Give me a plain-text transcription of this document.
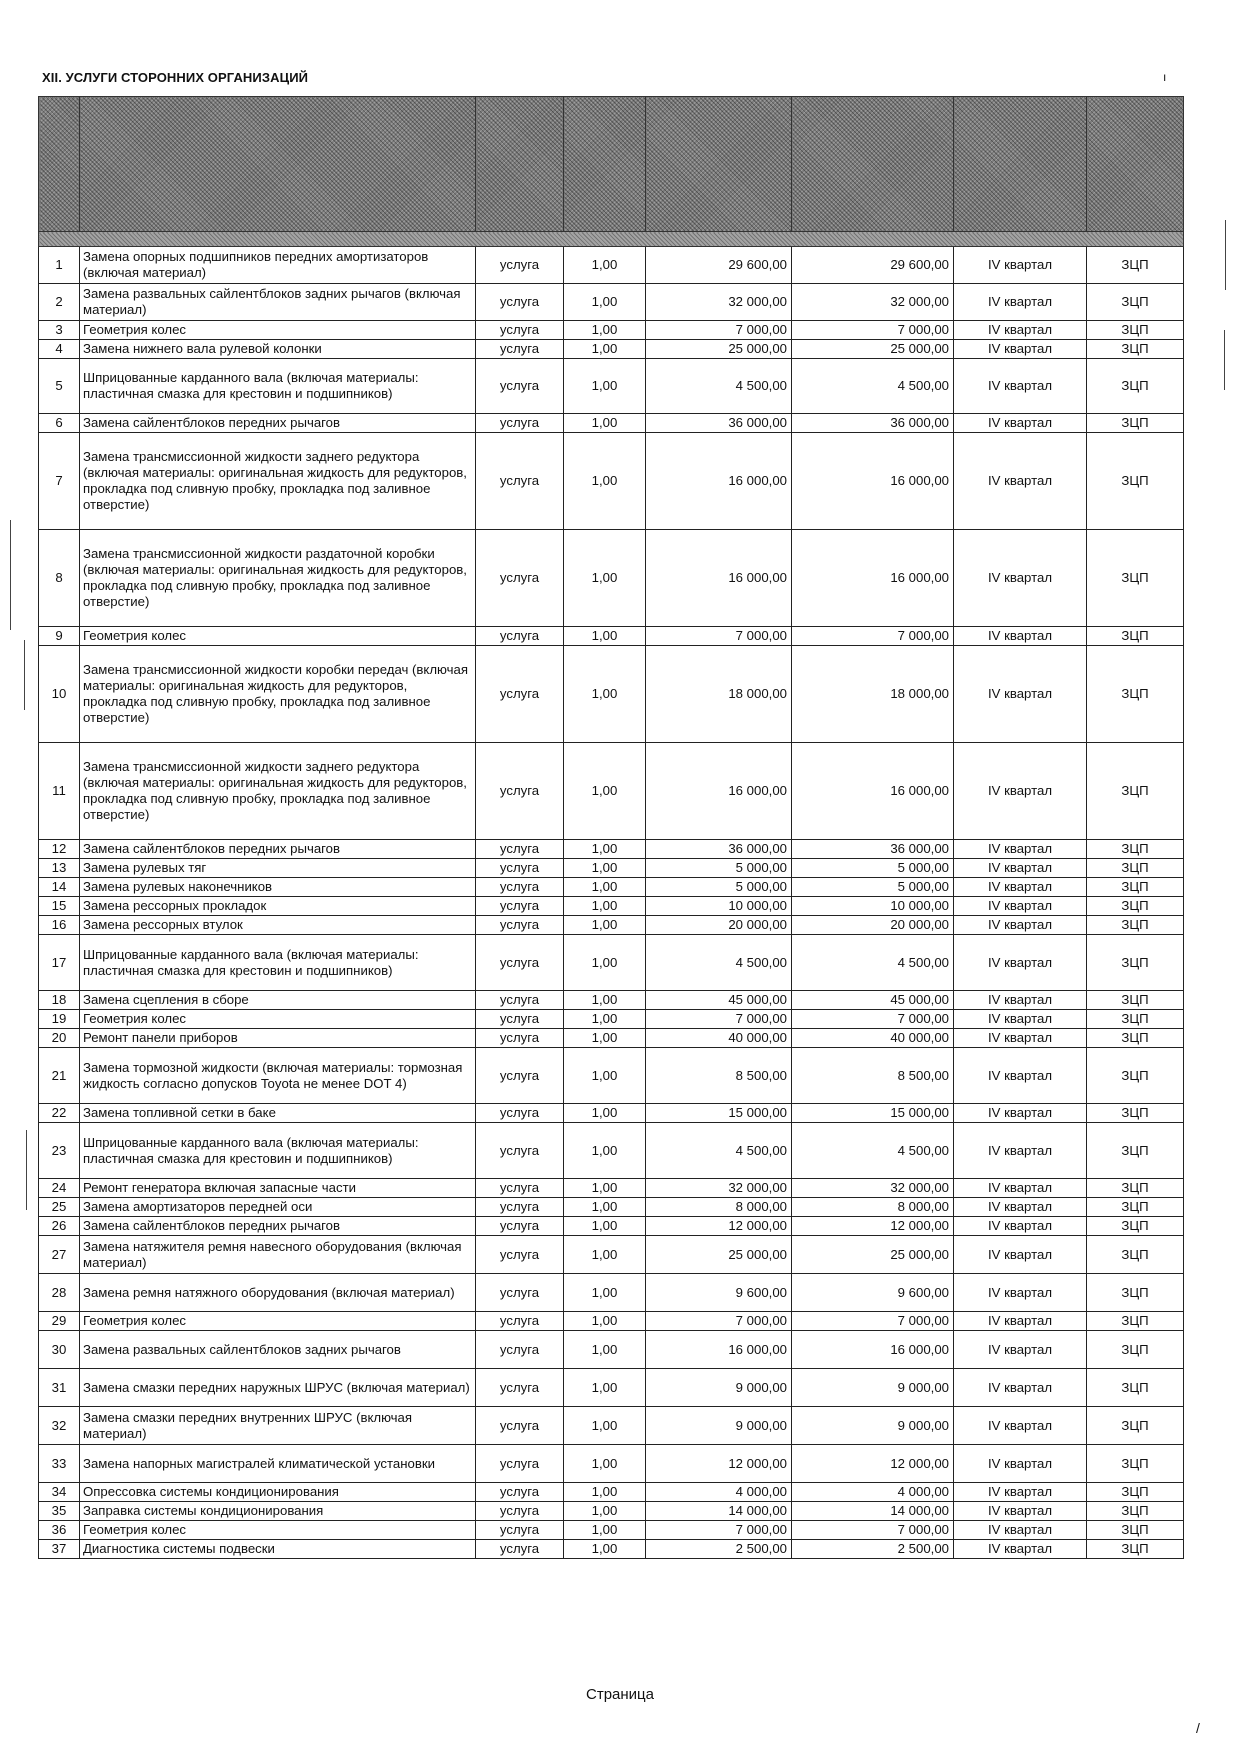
XII. УСЛУГИ СТОРОННИХ ОРГАНИЗАЦИЙ	ı

1	Замена опорных подшипников передних амортизаторов (включая материал)	услуга	1,00	29 600,00	29 600,00	IV квартал	ЗЦП
2	Замена развальных сайлентблоков задних рычагов (включая материал)	услуга	1,00	32 000,00	32 000,00	IV квартал	ЗЦП
3	Геометрия колес	услуга	1,00	7 000,00	7 000,00	IV квартал	ЗЦП
4	Замена нижнего вала рулевой колонки	услуга	1,00	25 000,00	25 000,00	IV квартал	ЗЦП
5	Шприцованные карданного вала (включая материалы: пластичная смазка для крестовин и подшипников)	услуга	1,00	4 500,00	4 500,00	IV квартал	ЗЦП
6	Замена сайлентблоков передних рычагов	услуга	1,00	36 000,00	36 000,00	IV квартал	ЗЦП
7	Замена трансмиссионной жидкости заднего редуктора (включая материалы: оригинальная жидкость для редукторов, прокладка под сливную пробку, прокладка под заливное отверстие)	услуга	1,00	16 000,00	16 000,00	IV квартал	ЗЦП
8	Замена трансмиссионной жидкости раздаточной коробки (включая материалы: оригинальная жидкость для редукторов, прокладка под сливную пробку, прокладка под заливное отверстие)	услуга	1,00	16 000,00	16 000,00	IV квартал	ЗЦП
9	Геометрия колес	услуга	1,00	7 000,00	7 000,00	IV квартал	ЗЦП
10	Замена трансмиссионной жидкости коробки передач (включая материалы: оригинальная жидкость для редукторов, прокладка под сливную пробку, прокладка под заливное отверстие)	услуга	1,00	18 000,00	18 000,00	IV квартал	ЗЦП
11	Замена трансмиссионной жидкости заднего редуктора (включая материалы: оригинальная жидкость для редукторов, прокладка под сливную пробку, прокладка под заливное отверстие)	услуга	1,00	16 000,00	16 000,00	IV квартал	ЗЦП
12	Замена сайлентблоков передних рычагов	услуга	1,00	36 000,00	36 000,00	IV квартал	ЗЦП
13	Замена рулевых тяг	услуга	1,00	5 000,00	5 000,00	IV квартал	ЗЦП
14	Замена рулевых наконечников	услуга	1,00	5 000,00	5 000,00	IV квартал	ЗЦП
15	Замена рессорных прокладок	услуга	1,00	10 000,00	10 000,00	IV квартал	ЗЦП
16	Замена рессорных втулок	услуга	1,00	20 000,00	20 000,00	IV квартал	ЗЦП
17	Шприцованные карданного вала (включая материалы: пластичная смазка для крестовин и подшипников)	услуга	1,00	4 500,00	4 500,00	IV квартал	ЗЦП
18	Замена сцепления в сборе	услуга	1,00	45 000,00	45 000,00	IV квартал	ЗЦП
19	Геометрия колес	услуга	1,00	7 000,00	7 000,00	IV квартал	ЗЦП
20	Ремонт панели приборов	услуга	1,00	40 000,00	40 000,00	IV квартал	ЗЦП
21	Замена тормозной жидкости (включая материалы: тормозная жидкость согласно допусков Toyota не менее DOT 4)	услуга	1,00	8 500,00	8 500,00	IV квартал	ЗЦП
22	Замена топливной сетки в баке	услуга	1,00	15 000,00	15 000,00	IV квартал	ЗЦП
23	Шприцованные карданного вала (включая материалы: пластичная смазка для крестовин и подшипников)	услуга	1,00	4 500,00	4 500,00	IV квартал	ЗЦП
24	Ремонт генератора включая запасные части	услуга	1,00	32 000,00	32 000,00	IV квартал	ЗЦП
25	Замена амортизаторов передней оси	услуга	1,00	8 000,00	8 000,00	IV квартал	ЗЦП
26	Замена сайлентблоков передних рычагов	услуга	1,00	12 000,00	12 000,00	IV квартал	ЗЦП
27	Замена натяжителя ремня навесного оборудования (включая материал)	услуга	1,00	25 000,00	25 000,00	IV квартал	ЗЦП
28	Замена ремня натяжного оборудования (включая материал)	услуга	1,00	9 600,00	9 600,00	IV квартал	ЗЦП
29	Геометрия колес	услуга	1,00	7 000,00	7 000,00	IV квартал	ЗЦП
30	Замена развальных сайлентблоков задних рычагов	услуга	1,00	16 000,00	16 000,00	IV квартал	ЗЦП
31	Замена смазки передних наружных ШРУС (включая материал)	услуга	1,00	9 000,00	9 000,00	IV квартал	ЗЦП
32	Замена смазки передних внутренних ШРУС (включая материал)	услуга	1,00	9 000,00	9 000,00	IV квартал	ЗЦП
33	Замена напорных магистралей климатической установки	услуга	1,00	12 000,00	12 000,00	IV квартал	ЗЦП
34	Опрессовка системы кондиционирования	услуга	1,00	4 000,00	4 000,00	IV квартал	ЗЦП
35	Заправка системы кондиционирования	услуга	1,00	14 000,00	14 000,00	IV квартал	ЗЦП
36	Геометрия колес	услуга	1,00	7 000,00	7 000,00	IV квартал	ЗЦП
37	Диагностика системы подвески	услуга	1,00	2 500,00	2 500,00	IV квартал	ЗЦП
Страница
/
